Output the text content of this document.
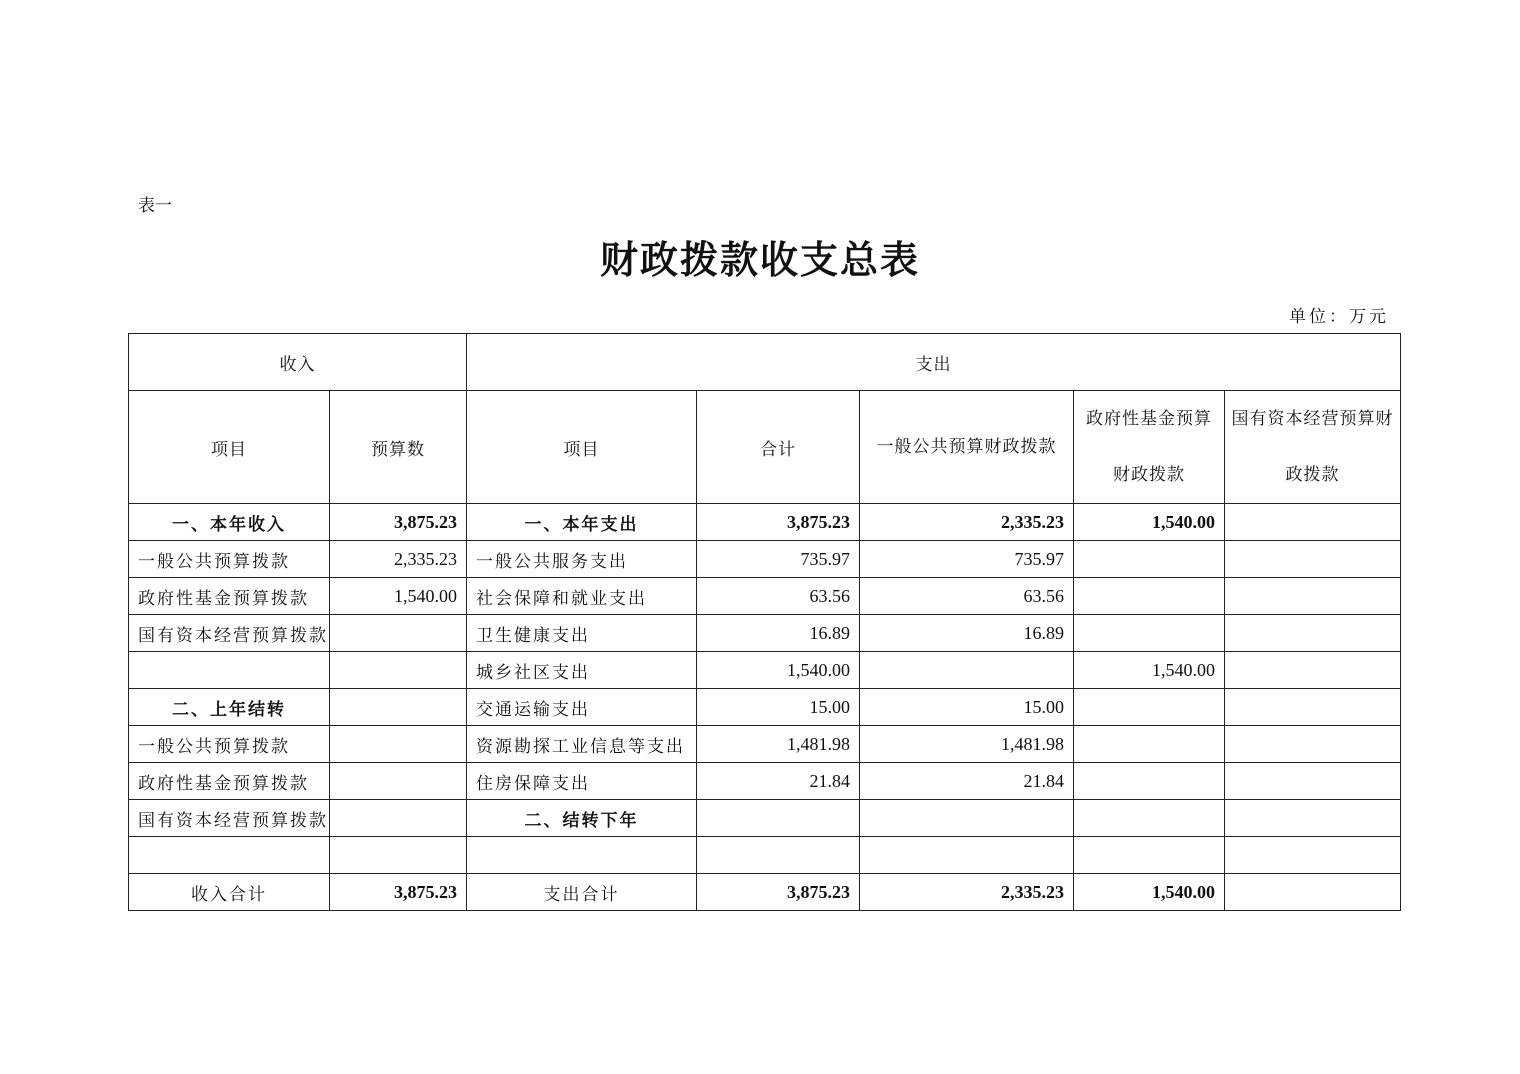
表一
财政拨款收支总表
单位：万元
收入		支出				
项目	预算数	项目	合计	一般公共预算财政拨款	政府性基金预算财政拨款	国有资本经营预算财政拨款
一、本年收入	3,875.23	一、本年支出	3,875.23	2,335.23	1,540.00	
一般公共预算拨款	2,335.23	一般公共服务支出	735.97	735.97		
政府性基金预算拨款	1,540.00	社会保障和就业支出	63.56	63.56		
国有资本经营预算拨款		卫生健康支出	16.89	16.89		
		城乡社区支出	1,540.00		1,540.00	
二、上年结转		交通运输支出	15.00	15.00		
一般公共预算拨款		资源勘探工业信息等支出	1,481.98	1,481.98		
政府性基金预算拨款		住房保障支出	21.84	21.84		
国有资本经营预算拨款		二、结转下年				

收入合计	3,875.23	支出合计	3,875.23	2,335.23	1,540.00	
